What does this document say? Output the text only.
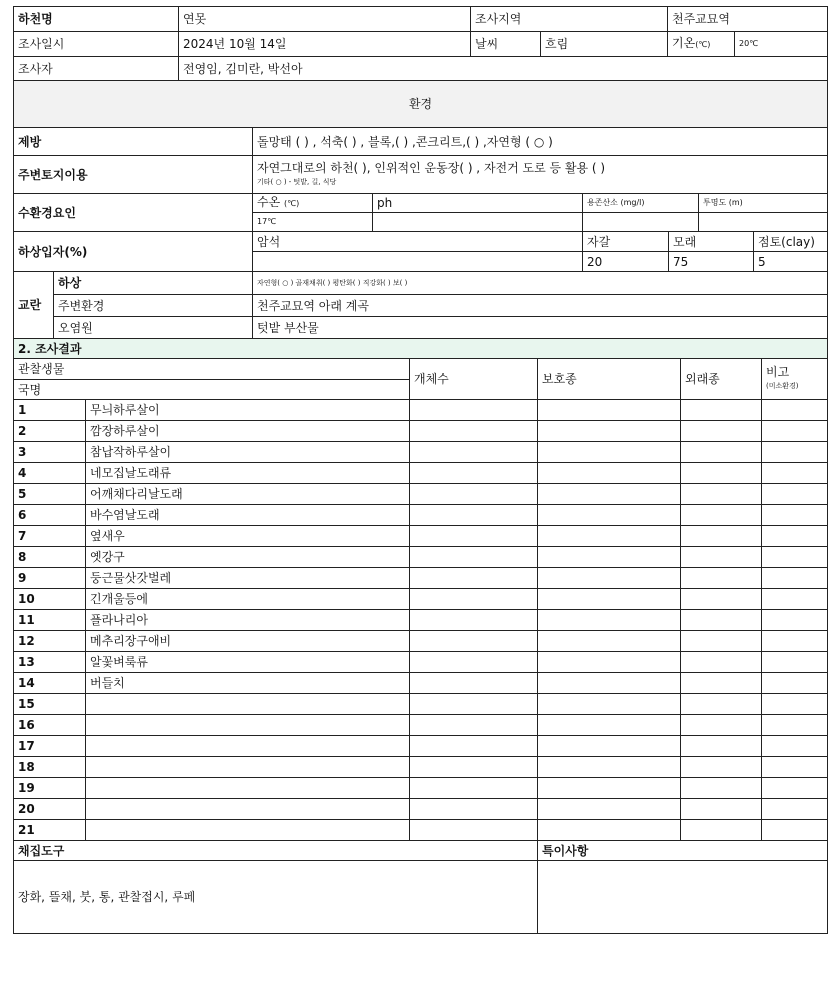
하천명	연못	조사지역		천주교묘역	
조사일시	2024년 10월 14일	날씨	흐림	기온(℃)	20℃
조사자	전영임, 김미란, 박선아				
환경							
제방		돌망태 ( ) , 석축( ) , 블록,( ) ,콘크리트,( ) ,자연형 ( ○ )					
주변토지이용		자연그대로의 하천( ), 인위적인 운동장( ) , 자전거 도로 등 활용 ( )
기타( ○ ) - 텃밭, 길, 식당					

수환경요인		수온 (℃)	ph	용존산소 (mg/l)		투명도 (m)	
		17℃					
하상입자(%)		암석		자갈	모래		점토(clay)
				20	75		5
교란	하상	자연형( ○ ) 골재채취( ) 평탄화( ) 직강화( ) 보( )					
	주변환경	천주교묘역 아래 계곡					
	오염원	텃밭 부산물					
2. 조사결과					
관찰생물		개체수	보호종	외래종	비고
(미소환경)

국명					
1	무늬하루살이				
2	깜장하루살이				
3	참납작하루살이				
4	네모집날도래류				
5	어깨채다리날도래				
6	바수염날도래				
7	옆새우				
8	옛강구				
9	둥근물삿갓벌레				
10	긴개울등에				
11	플라나리아				
12	메추리장구애비				
13	알꽃벼룩류				
14	버들치				
15					
16					
17					
18					
19					
20					
21					
채집도구			특이사항		
장화, 뜰채, 붓, 통, 관찰접시, 루페					
